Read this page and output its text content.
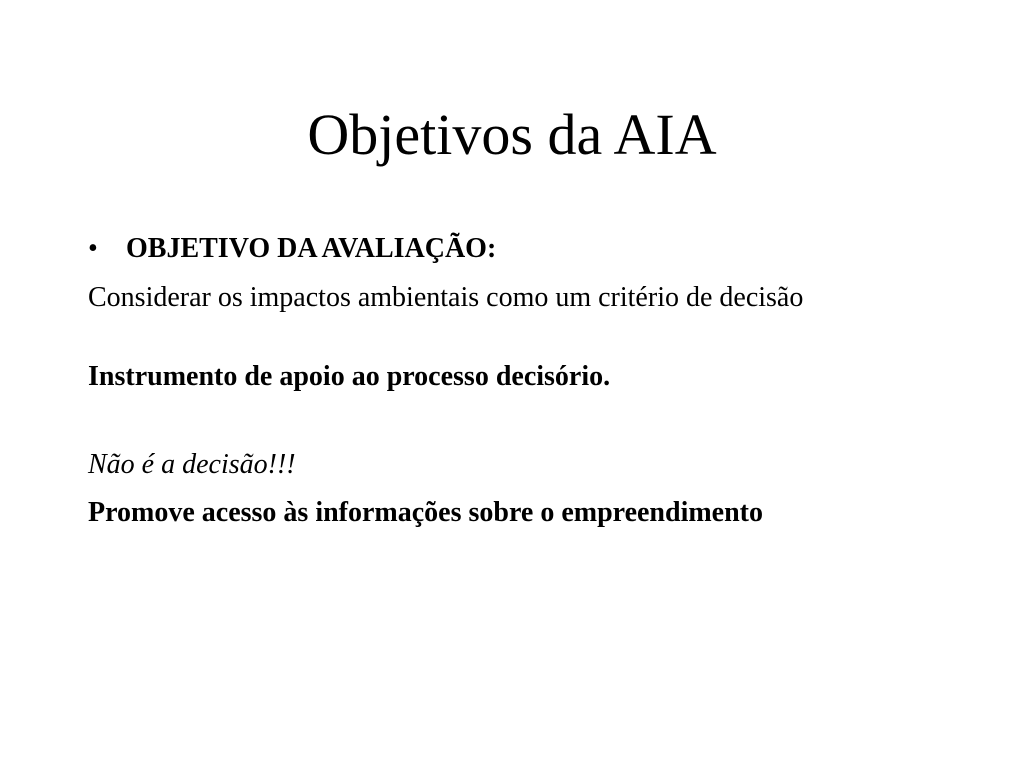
Objetivos da AIA
• OBJETIVO DA AVALIAÇÃO:
Considerar os impactos ambientais como um critério de decisão
Instrumento de apoio ao processo decisório.
Não é a decisão!!!
Promove acesso às informações sobre o empreendimento
